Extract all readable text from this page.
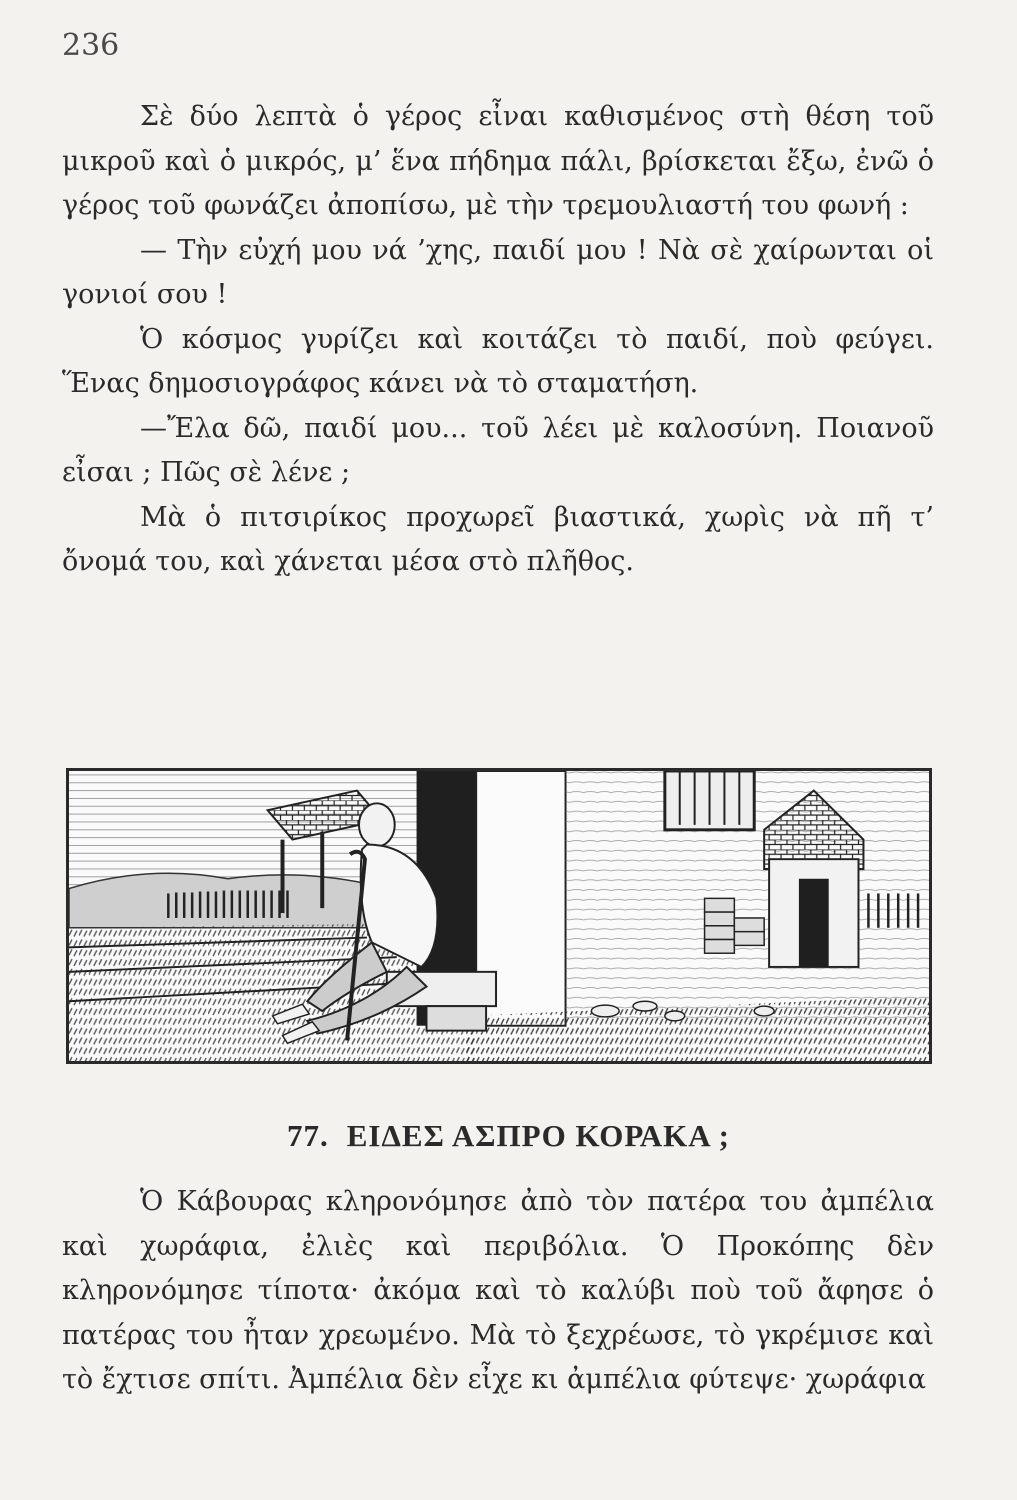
236

Σὲ δύο λεπτὰ ὁ γέρος εἶναι καθισμένος στὴ θέση τοῦ μικροῦ καὶ ὁ μικρός, μ’ ἕνα πήδημα πάλι, βρίσκεται ἔξω, ἐνῶ ὁ γέρος τοῦ φωνάζει ἀποπίσω, μὲ τὴν τρεμουλιαστή του φωνή :

— Τὴν εὐχή μου νά ’χης, παιδί μου ! Νὰ σὲ χαίρωνται οἱ γονιοί σου !

Ὁ κόσμος γυρίζει καὶ κοιτάζει τὸ παιδί, ποὺ φεύγει. Ἕνας δημοσιογράφος κάνει νὰ τὸ σταματήση.

—Ἔλα δῶ, παιδί μου... τοῦ λέει μὲ καλοσύνη. Ποιανοῦ εἶσαι ; Πῶς σὲ λένε ;

Μὰ ὁ πιτσιρίκος προχωρεῖ βιαστικά, χωρὶς νὰ πῆ τ’ ὄνομά του, καὶ χάνεται μέσα στὸ πλῆθος.

77. ΕΙΔΕΣ ΑΣΠΡΟ ΚΟΡΑΚΑ ;

Ὁ Κάβουρας κληρονόμησε ἀπὸ τὸν πατέρα του ἀμπέλια καὶ χωράφια, ἐλιὲς καὶ περιβόλια. Ὁ Προκόπης δὲν κληρονόμησε τίποτα· ἀκόμα καὶ τὸ καλύβι ποὺ τοῦ ἄφησε ὁ πατέρας του ἦταν χρεωμένο. Μὰ τὸ ξεχρέωσε, τὸ γκρέμισε καὶ τὸ ἔχτισε σπίτι. Ἀμπέλια δὲν εἶχε κι ἀμπέλια φύτεψε· χωράφια
